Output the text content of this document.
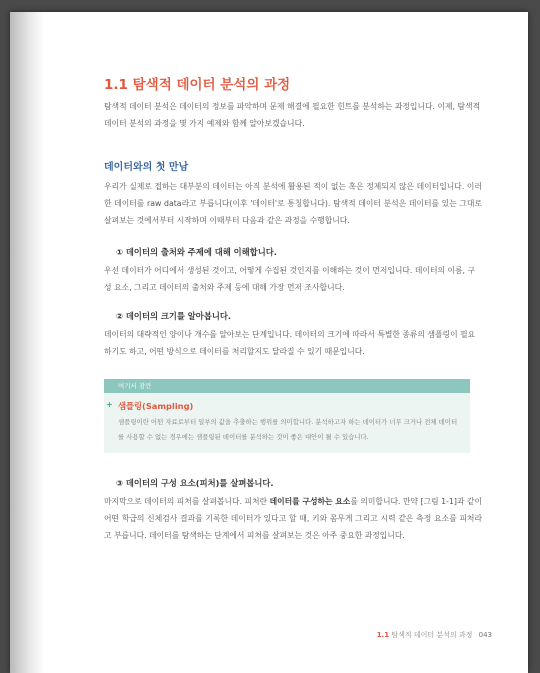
1.1 탐색적 데이터 분석의 과정
탐색적 데이터 분석은 데이터의 정보를 파악하며 문제 해결에 필요한 힌트를 분석하는 과정입니다. 이제, 탐색적 데이터 분석의 과정을 몇 가지 예제와 함께 알아보겠습니다.
데이터와의 첫 만남
우리가 실제로 접하는 대부분의 데이터는 아직 분석에 활용된 적이 없는 혹은 정제되지 않은 데이터입니다. 이러한 데이터를 raw data라고 부릅니다(이후 '데이터'로 통칭합니다). 탐색적 데이터 분석은 데이터를 있는 그대로 살펴보는 것에서부터 시작하며 이때부터 다음과 같은 과정을 수행합니다.
① 데이터의 출처와 주제에 대해 이해합니다.
우선 데이터가 어디에서 생성된 것이고, 어떻게 수집된 것인지를 이해하는 것이 먼저입니다. 데이터의 이름, 구성 요소, 그리고 데이터의 출처와 주제 등에 대해 가장 먼저 조사합니다.
② 데이터의 크기를 알아봅니다.
데이터의 대략적인 양이나 개수를 알아보는 단계입니다. 데이터의 크기에 따라서 특별한 종류의 샘플링이 필요하기도 하고, 어떤 방식으로 데이터를 처리할지도 달라질 수 있기 때문입니다.
여기서 잠깐
+ 샘플링(Sampling)
샘플링이란 어떤 자료로부터 일부의 값을 추출하는 행위를 의미합니다. 분석하고자 하는 데이터가 너무 크거나 전체 데이터를 사용할 수 없는 경우에는 샘플링된 데이터를 분석하는 것이 좋은 대안이 될 수 있습니다.
③ 데이터의 구성 요소(피처)를 살펴봅니다.
마지막으로 데이터의 피처를 살펴봅니다. 피처란 데이터를 구성하는 요소를 의미합니다. 만약 [그림 1-1]과 같이 어떤 학급의 신체검사 결과를 기록한 데이터가 있다고 할 때, 키와 몸무게 그리고 시력 같은 측정 요소를 피처라고 부릅니다. 데이터를 탐색하는 단계에서 피처를 살펴보는 것은 아주 중요한 과정입니다.
1.1 탐색적 데이터 분석의 과정 043
